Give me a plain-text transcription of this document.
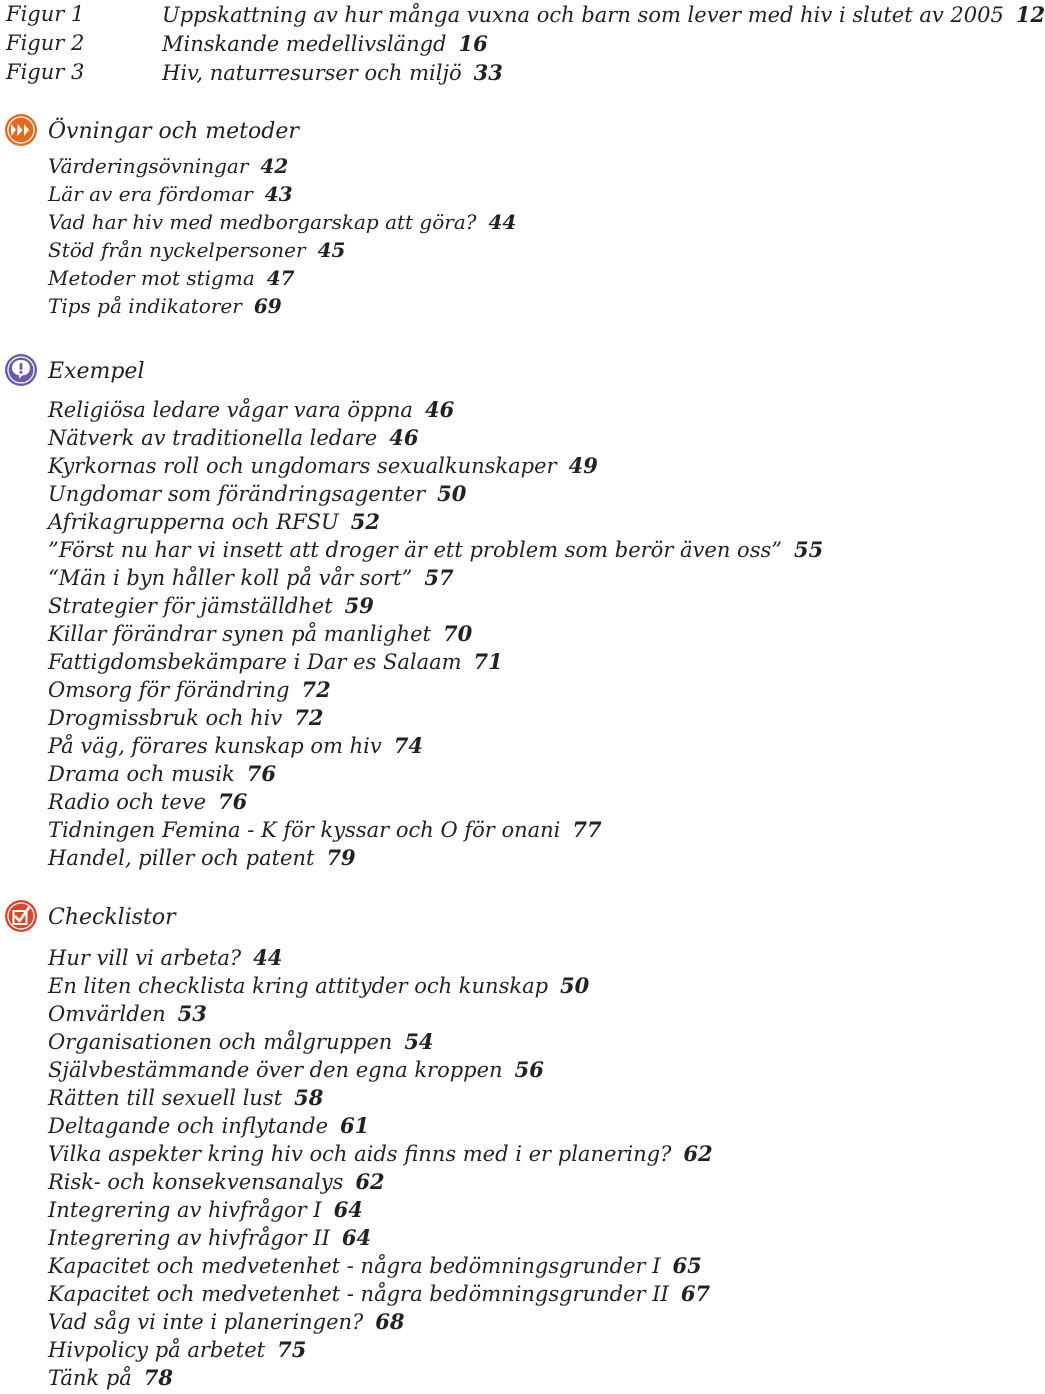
Figur 1	Uppskattning av hur många vuxna och barn som lever med hiv i slutet av 2005 12
Figur 2	Minskande medellivslängd 16
Figur 3	Hiv, naturresurser och miljö 33
Övningar och metoder
Värderingsövningar 42
Lär av era fördomar 43
Vad har hiv med medborgarskap att göra? 44
Stöd från nyckelpersoner 45
Metoder mot stigma 47
Tips på indikatorer 69
Exempel
Religiösa ledare vågar vara öppna 46
Nätverk av traditionella ledare 46
Kyrkornas roll och ungdomars sexualkunskaper 49
Ungdomar som förändringsagenter 50
Afrikagrupperna och RFSU 52
”Först nu har vi insett att droger är ett problem som berör även oss” 55
“Män i byn håller koll på vår sort” 57
Strategier för jämställdhet 59
Killar förändrar synen på manlighet 70
Fattigdomsbekämpare i Dar es Salaam 71
Omsorg för förändring 72
Drogmissbruk och hiv 72
På väg, förares kunskap om hiv 74
Drama och musik 76
Radio och teve 76
Tidningen Femina - K för kyssar och O för onani 77
Handel, piller och patent 79
Checklistor
Hur vill vi arbeta? 44
En liten checklista kring attityder och kunskap 50
Omvärlden 53
Organisationen och målgruppen 54
Självbestämmande över den egna kroppen 56
Rätten till sexuell lust 58
Deltagande och inflytande 61
Vilka aspekter kring hiv och aids finns med i er planering? 62
Risk- och konsekvensanalys 62
Integrering av hivfrågor I 64
Integrering av hivfrågor II 64
Kapacitet och medvetenhet - några bedömningsgrunder I 65
Kapacitet och medvetenhet - några bedömningsgrunder II 67
Vad såg vi inte i planeringen? 68
Hivpolicy på arbetet 75
Tänk på 78
